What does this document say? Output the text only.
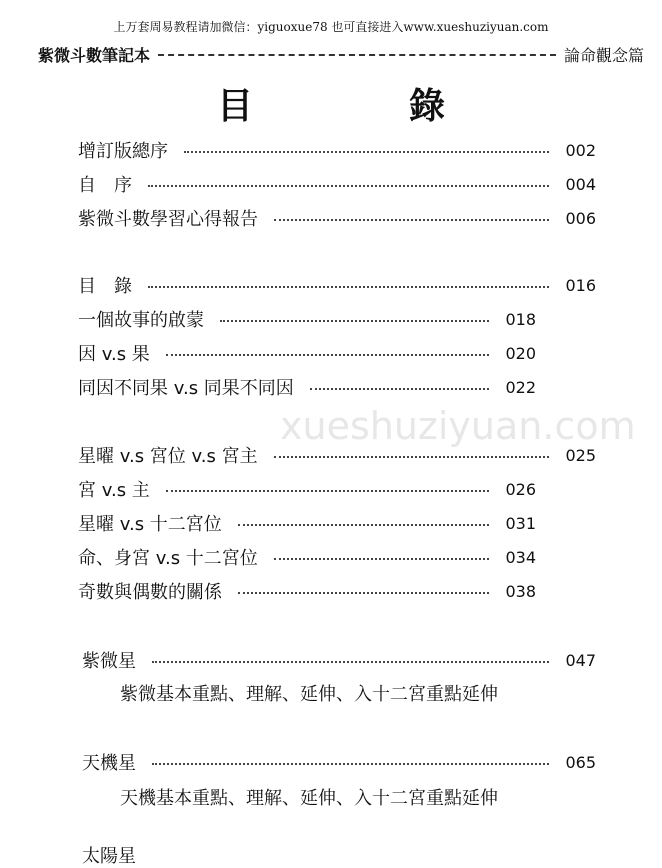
上万套周易教程请加微信：yiguoxue78 也可直接进入www.xueshuziyuan.com
紫微斗數筆記本	論命觀念篇
目　錄
增訂版總序	002
自　序	004
紫微斗數學習心得報告	006
目　錄	016
一個故事的啟蒙	018
因 v.s 果	020
同因不同果 v.s 同果不同因	022
xueshuziyuan.com
星曜 v.s 宮位 v.s 宮主	025
宮 v.s 主	026
星曜 v.s 十二宮位	031
命、身宮 v.s 十二宮位	034
奇數與偶數的關係	038
紫微星	047
紫微基本重點、理解、延伸、入十二宮重點延伸
天機星	065
天機基本重點、理解、延伸、入十二宮重點延伸
太陽星
